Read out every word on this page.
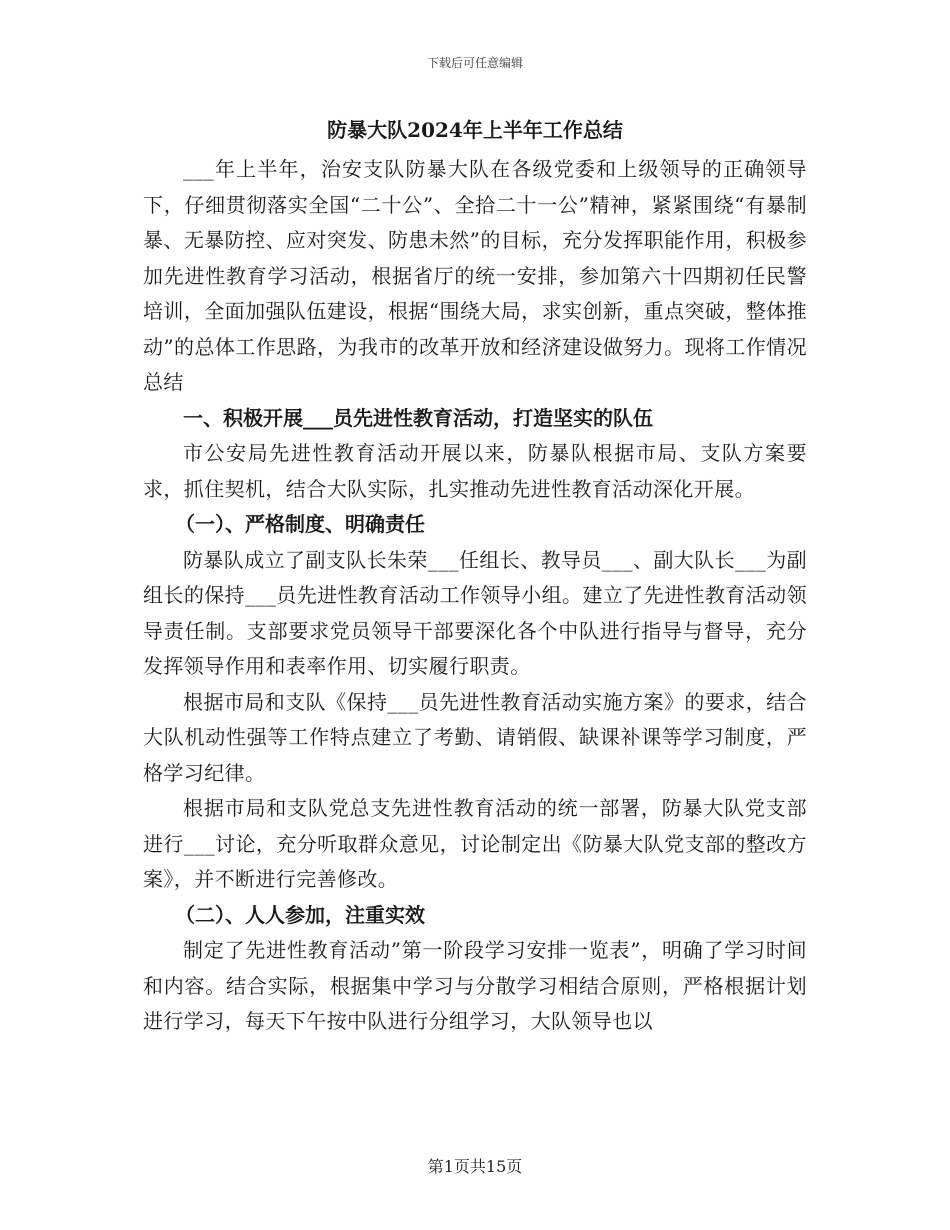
下载后可任意编辑
防暴大队2024年上半年工作总结

___年上半年，治安支队防暴大队在各级党委和上级领导的正确领导下，仔细贯彻落实全国“二十公”、全拾二十一公”精神，紧紧围绕“有暴制暴、无暴防控、应对突发、防患未然”的目标，充分发挥职能作用，积极参加先进性教育学习活动，根据省厅的统一安排，参加第六十四期初任民警培训，全面加强队伍建设，根据“围绕大局，求实创新，重点突破，整体推动”的总体工作思路，为我市的改革开放和经济建设做努力。现将工作情况总结

一、积极开展___员先进性教育活动，打造坚实的队伍

市公安局先进性教育活动开展以来，防暴队根据市局、支队方案要求，抓住契机，结合大队实际，扎实推动先进性教育活动深化开展。

（一）、严格制度、明确责任

防暴队成立了副支队长朱荣___任组长、教导员___、副大队长___为副组长的保持___员先进性教育活动工作领导小组。建立了先进性教育活动领导责任制。支部要求党员领导干部要深化各个中队进行指导与督导，充分发挥领导作用和表率作用、切实履行职责。

根据市局和支队《保持___员先进性教育活动实施方案》的要求，结合大队机动性强等工作特点建立了考勤、请销假、缺课补课等学习制度，严格学习纪律。

根据市局和支队党总支先进性教育活动的统一部署，防暴大队党支部进行___讨论，充分听取群众意见，讨论制定出《防暴大队党支部的整改方案》，并不断进行完善修改。

（二）、人人参加，注重实效

制定了先进性教育活动”第一阶段学习安排一览表”，明确了学习时间和内容。结合实际，根据集中学习与分散学习相结合原则，严格根据计划进行学习，每天下午按中队进行分组学习，大队领导也以

第1页共15页
